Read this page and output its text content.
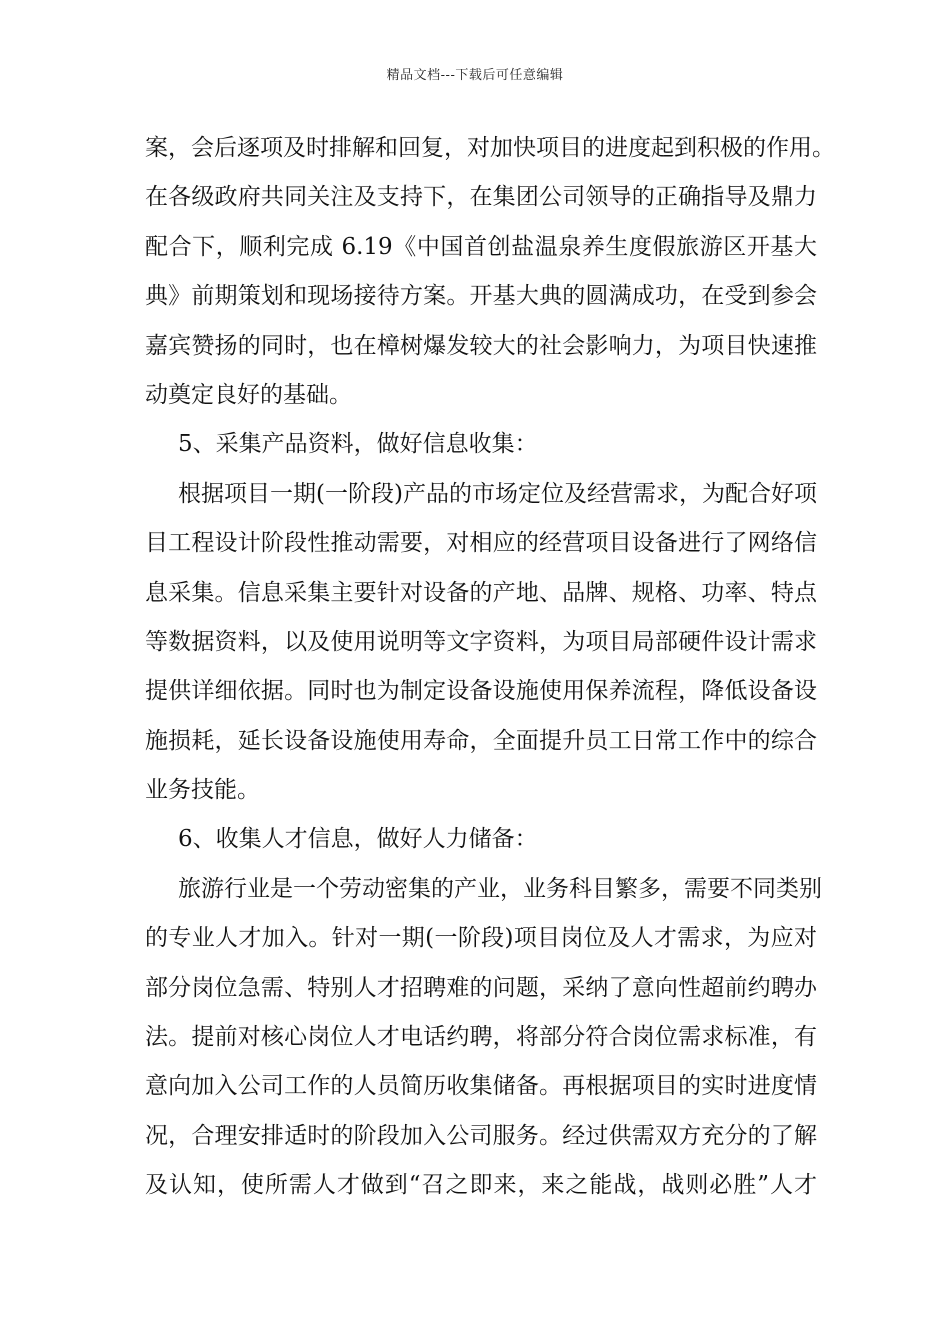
精品文档---下载后可任意编辑
案，会后逐项及时排解和回复，对加快项目的进度起到积极的作用。
在各级政府共同关注及支持下，在集团公司领导的正确指导及鼎力
配合下，顺利完成 6.19《中国首创盐温泉养生度假旅游区开基大
典》前期策划和现场接待方案。开基大典的圆满成功，在受到参会
嘉宾赞扬的同时，也在樟树爆发较大的社会影响力，为项目快速推
动奠定良好的基础。
5、采集产品资料，做好信息收集：
根据项目一期(一阶段)产品的市场定位及经营需求，为配合好项
目工程设计阶段性推动需要，对相应的经营项目设备进行了网络信
息采集。信息采集主要针对设备的产地、品牌、规格、功率、特点
等数据资料，以及使用说明等文字资料，为项目局部硬件设计需求
提供详细依据。同时也为制定设备设施使用保养流程，降低设备设
施损耗，延长设备设施使用寿命，全面提升员工日常工作中的综合
业务技能。
6、收集人才信息，做好人力储备：
旅游行业是一个劳动密集的产业，业务科目繁多，需要不同类别
的专业人才加入。针对一期(一阶段)项目岗位及人才需求，为应对
部分岗位急需、特别人才招聘难的问题，采纳了意向性超前约聘办
法。提前对核心岗位人才电话约聘，将部分符合岗位需求标准，有
意向加入公司工作的人员简历收集储备。再根据项目的实时进度情
况，合理安排适时的阶段加入公司服务。经过供需双方充分的了解
及认知，使所需人才做到“召之即来，来之能战，战则必胜”人才
